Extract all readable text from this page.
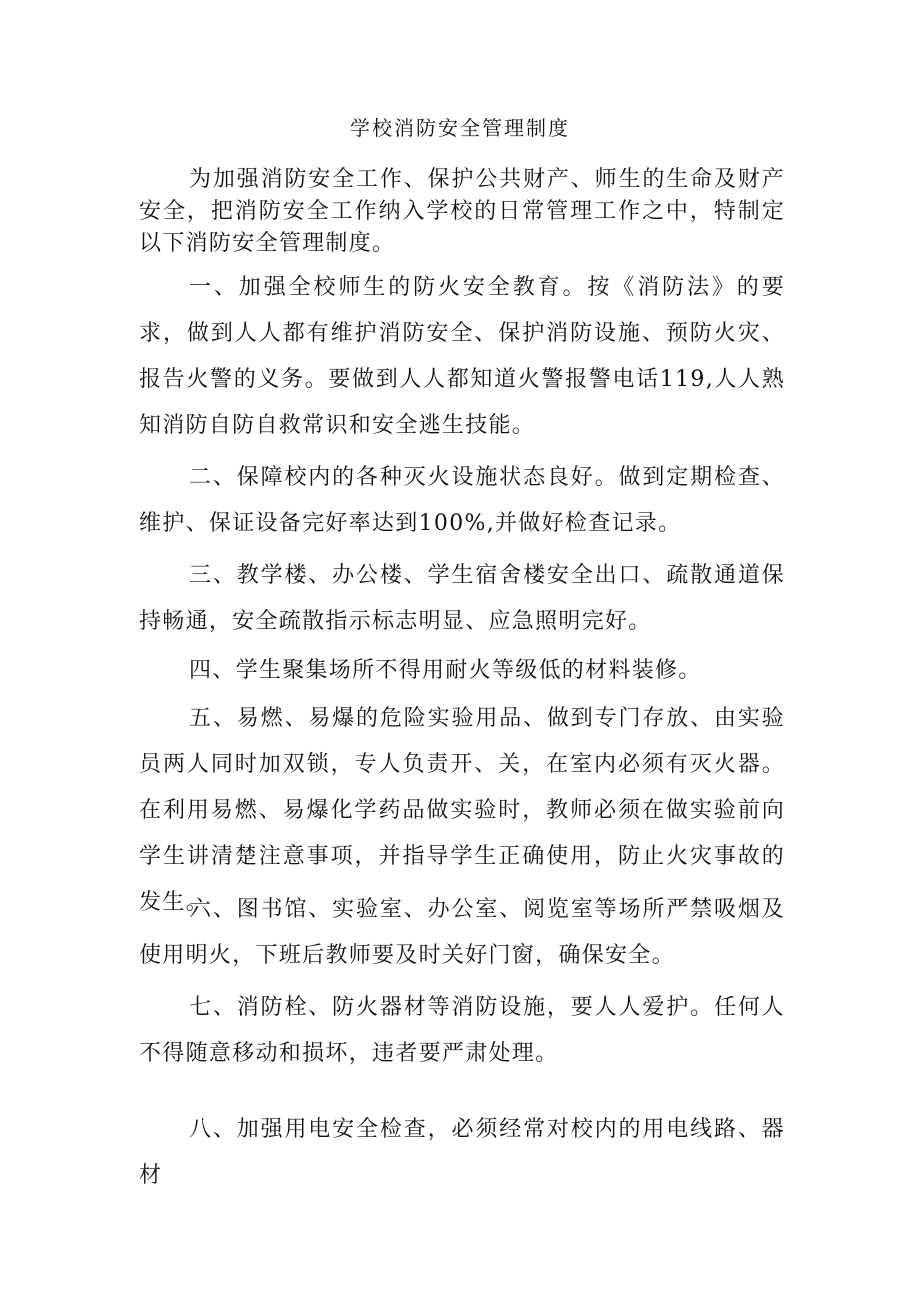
学校消防安全管理制度

为加强消防安全工作、保护公共财产、师生的生命及财产安全，把消防安全工作纳入学校的日常管理工作之中，特制定以下消防安全管理制度。

一、加强全校师生的防火安全教育。按《消防法》的要求，做到人人都有维护消防安全、保护消防设施、预防火灾、报告火警的义务。要做到人人都知道火警报警电话119,人人熟知消防自防自救常识和安全逃生技能。

二、保障校内的各种灭火设施状态良好。做到定期检查、维护、保证设备完好率达到100%,并做好检查记录。

三、教学楼、办公楼、学生宿舍楼安全出口、疏散通道保持畅通，安全疏散指示标志明显、应急照明完好。

四、学生聚集场所不得用耐火等级低的材料装修。

五、易燃、易爆的危险实验用品、做到专门存放、由实验员两人同时加双锁，专人负责开、关，在室内必须有灭火器。在利用易燃、易爆化学药品做实验时，教师必须在做实验前向学生讲清楚注意事项，并指导学生正确使用，防止火灾事故的发生。

六、图书馆、实验室、办公室、阅览室等场所严禁吸烟及使用明火，下班后教师要及时关好门窗，确保安全。

七、消防栓、防火器材等消防设施，要人人爱护。任何人不得随意移动和损坏，违者要严肃处理。

八、加强用电安全检查，必须经常对校内的用电线路、器材
